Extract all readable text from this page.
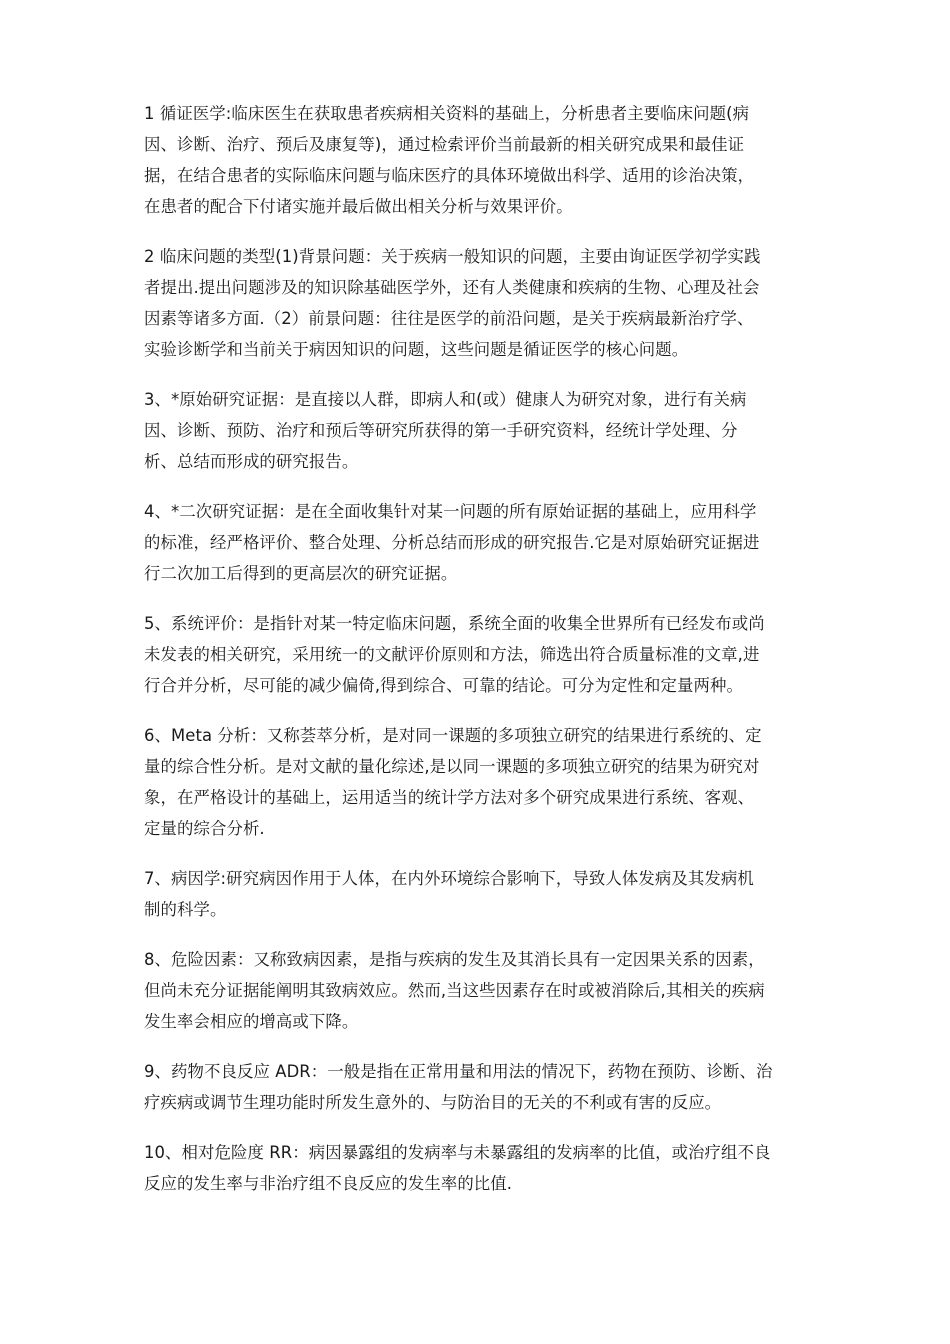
1 循证医学:临床医生在获取患者疾病相关资料的基础上，分析患者主要临床问题(病
因、诊断、治疗、预后及康复等)，通过检索评价当前最新的相关研究成果和最佳证
据，在结合患者的实际临床问题与临床医疗的具体环境做出科学、适用的诊治决策，
在患者的配合下付诸实施并最后做出相关分析与效果评价。

2 临床问题的类型(1)背景问题：关于疾病一般知识的问题，主要由询证医学初学实践
者提出.提出问题涉及的知识除基础医学外，还有人类健康和疾病的生物、心理及社会
因素等诸多方面.（2）前景问题：往往是医学的前沿问题，是关于疾病最新治疗学、
实验诊断学和当前关于病因知识的问题，这些问题是循证医学的核心问题。

3、*原始研究证据：是直接以人群，即病人和(或）健康人为研究对象，进行有关病
因、诊断、预防、治疗和预后等研究所获得的第一手研究资料，经统计学处理、分
析、总结而形成的研究报告。

4、*二次研究证据：是在全面收集针对某一问题的所有原始证据的基础上，应用科学
的标准，经严格评价、整合处理、分析总结而形成的研究报告.它是对原始研究证据进
行二次加工后得到的更高层次的研究证据。

5、系统评价：是指针对某一特定临床问题，系统全面的收集全世界所有已经发布或尚
未发表的相关研究，采用统一的文献评价原则和方法，筛选出符合质量标准的文章,进
行合并分析，尽可能的减少偏倚,得到综合、可靠的结论。可分为定性和定量两种。

6、Meta 分析：又称荟萃分析，是对同一课题的多项独立研究的结果进行系统的、定
量的综合性分析。是对文献的量化综述,是以同一课题的多项独立研究的结果为研究对
象，在严格设计的基础上，运用适当的统计学方法对多个研究成果进行系统、客观、
定量的综合分析.

7、病因学:研究病因作用于人体，在内外环境综合影响下，导致人体发病及其发病机
制的科学。

8、危险因素：又称致病因素，是指与疾病的发生及其消长具有一定因果关系的因素，
但尚未充分证据能阐明其致病效应。然而,当这些因素存在时或被消除后,其相关的疾病
发生率会相应的增高或下降。

9、药物不良反应 ADR：一般是指在正常用量和用法的情况下，药物在预防、诊断、治
疗疾病或调节生理功能时所发生意外的、与防治目的无关的不利或有害的反应。

10、相对危险度 RR：病因暴露组的发病率与未暴露组的发病率的比值，或治疗组不良
反应的发生率与非治疗组不良反应的发生率的比值.
